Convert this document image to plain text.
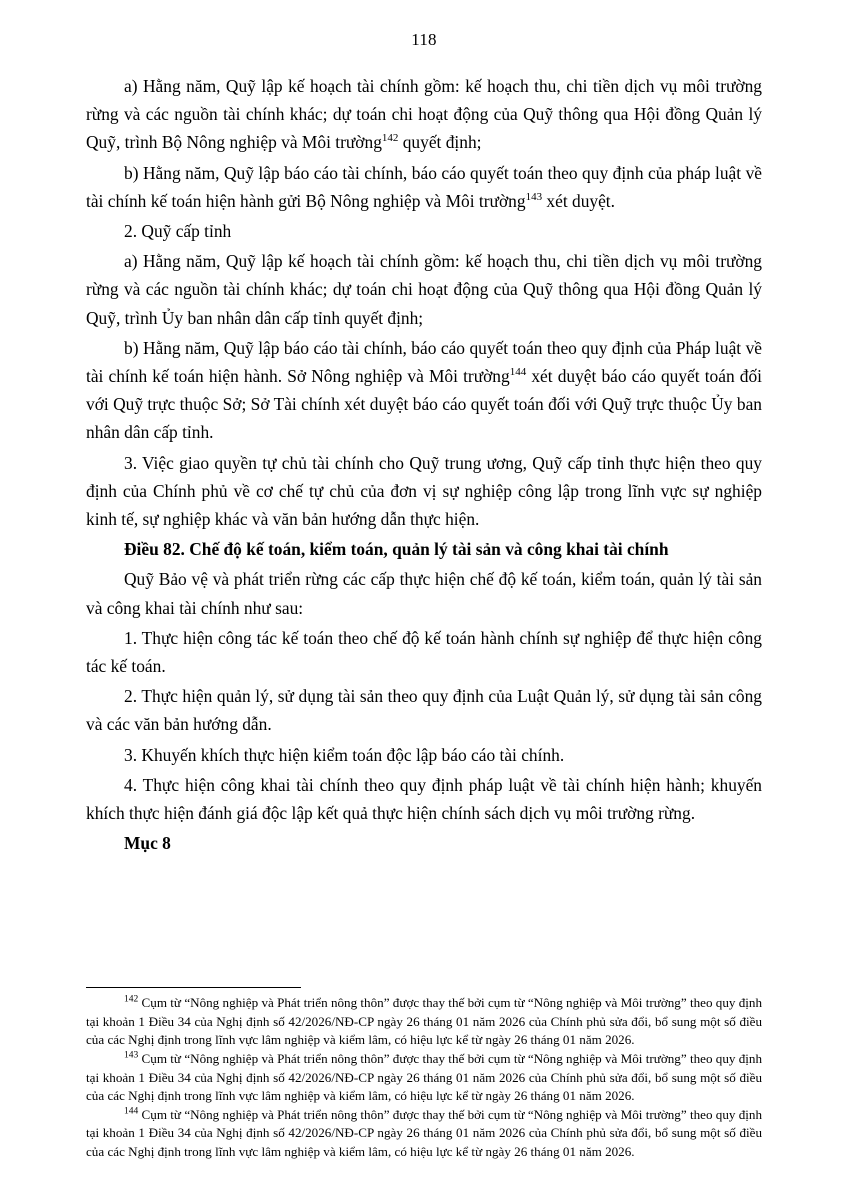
118

a) Hằng năm, Quỹ lập kế hoạch tài chính gồm: kế hoạch thu, chi tiền dịch vụ môi trường rừng và các nguồn tài chính khác; dự toán chi hoạt động của Quỹ thông qua Hội đồng Quản lý Quỹ, trình Bộ Nông nghiệp và Môi trường$^{142}$ quyết định;

b) Hằng năm, Quỹ lập báo cáo tài chính, báo cáo quyết toán theo quy định của pháp luật về tài chính kế toán hiện hành gửi Bộ Nông nghiệp và Môi trường$^{143}$ xét duyệt.

2. Quỹ cấp tỉnh

a) Hằng năm, Quỹ lập kế hoạch tài chính gồm: kế hoạch thu, chi tiền dịch vụ môi trường rừng và các nguồn tài chính khác; dự toán chi hoạt động của Quỹ thông qua Hội đồng Quản lý Quỹ, trình Ủy ban nhân dân cấp tỉnh quyết định;

b) Hằng năm, Quỹ lập báo cáo tài chính, báo cáo quyết toán theo quy định của Pháp luật về tài chính kế toán hiện hành. Sở Nông nghiệp và Môi trường$^{144}$ xét duyệt báo cáo quyết toán đối với Quỹ trực thuộc Sở; Sở Tài chính xét duyệt báo cáo quyết toán đối với Quỹ trực thuộc Ủy ban nhân dân cấp tỉnh.

3. Việc giao quyền tự chủ tài chính cho Quỹ trung ương, Quỹ cấp tỉnh thực hiện theo quy định của Chính phủ về cơ chế tự chủ của đơn vị sự nghiệp công lập trong lĩnh vực sự nghiệp kinh tế, sự nghiệp khác và văn bản hướng dẫn thực hiện.

Điều 82. Chế độ kế toán, kiểm toán, quản lý tài sản và công khai tài chính

Quỹ Bảo vệ và phát triển rừng các cấp thực hiện chế độ kế toán, kiểm toán, quản lý tài sản và công khai tài chính như sau:

1. Thực hiện công tác kế toán theo chế độ kế toán hành chính sự nghiệp để thực hiện công tác kế toán.

2. Thực hiện quản lý, sử dụng tài sản theo quy định của Luật Quản lý, sử dụng tài sản công và các văn bản hướng dẫn.

3. Khuyến khích thực hiện kiểm toán độc lập báo cáo tài chính.

4. Thực hiện công khai tài chính theo quy định pháp luật về tài chính hiện hành; khuyến khích thực hiện đánh giá độc lập kết quả thực hiện chính sách dịch vụ môi trường rừng.

Mục 8

$^{142}$ Cụm từ “Nông nghiệp và Phát triển nông thôn” được thay thế bởi cụm từ “Nông nghiệp và Môi trường” theo quy định tại khoản 1 Điều 34 của Nghị định số 42/2026/NĐ-CP ngày 26 tháng 01 năm 2026 của Chính phủ sửa đổi, bổ sung một số điều của các Nghị định trong lĩnh vực lâm nghiệp và kiểm lâm, có hiệu lực kể từ ngày 26 tháng 01 năm 2026.

$^{143}$ Cụm từ “Nông nghiệp và Phát triển nông thôn” được thay thế bởi cụm từ “Nông nghiệp và Môi trường” theo quy định tại khoản 1 Điều 34 của Nghị định số 42/2026/NĐ-CP ngày 26 tháng 01 năm 2026 của Chính phủ sửa đổi, bổ sung một số điều của các Nghị định trong lĩnh vực lâm nghiệp và kiểm lâm, có hiệu lực kể từ ngày 26 tháng 01 năm 2026.

$^{144}$ Cụm từ “Nông nghiệp và Phát triển nông thôn” được thay thế bởi cụm từ “Nông nghiệp và Môi trường” theo quy định tại khoản 1 Điều 34 của Nghị định số 42/2026/NĐ-CP ngày 26 tháng 01 năm 2026 của Chính phủ sửa đổi, bổ sung một số điều của các Nghị định trong lĩnh vực lâm nghiệp và kiểm lâm, có hiệu lực kể từ ngày 26 tháng 01 năm 2026.
